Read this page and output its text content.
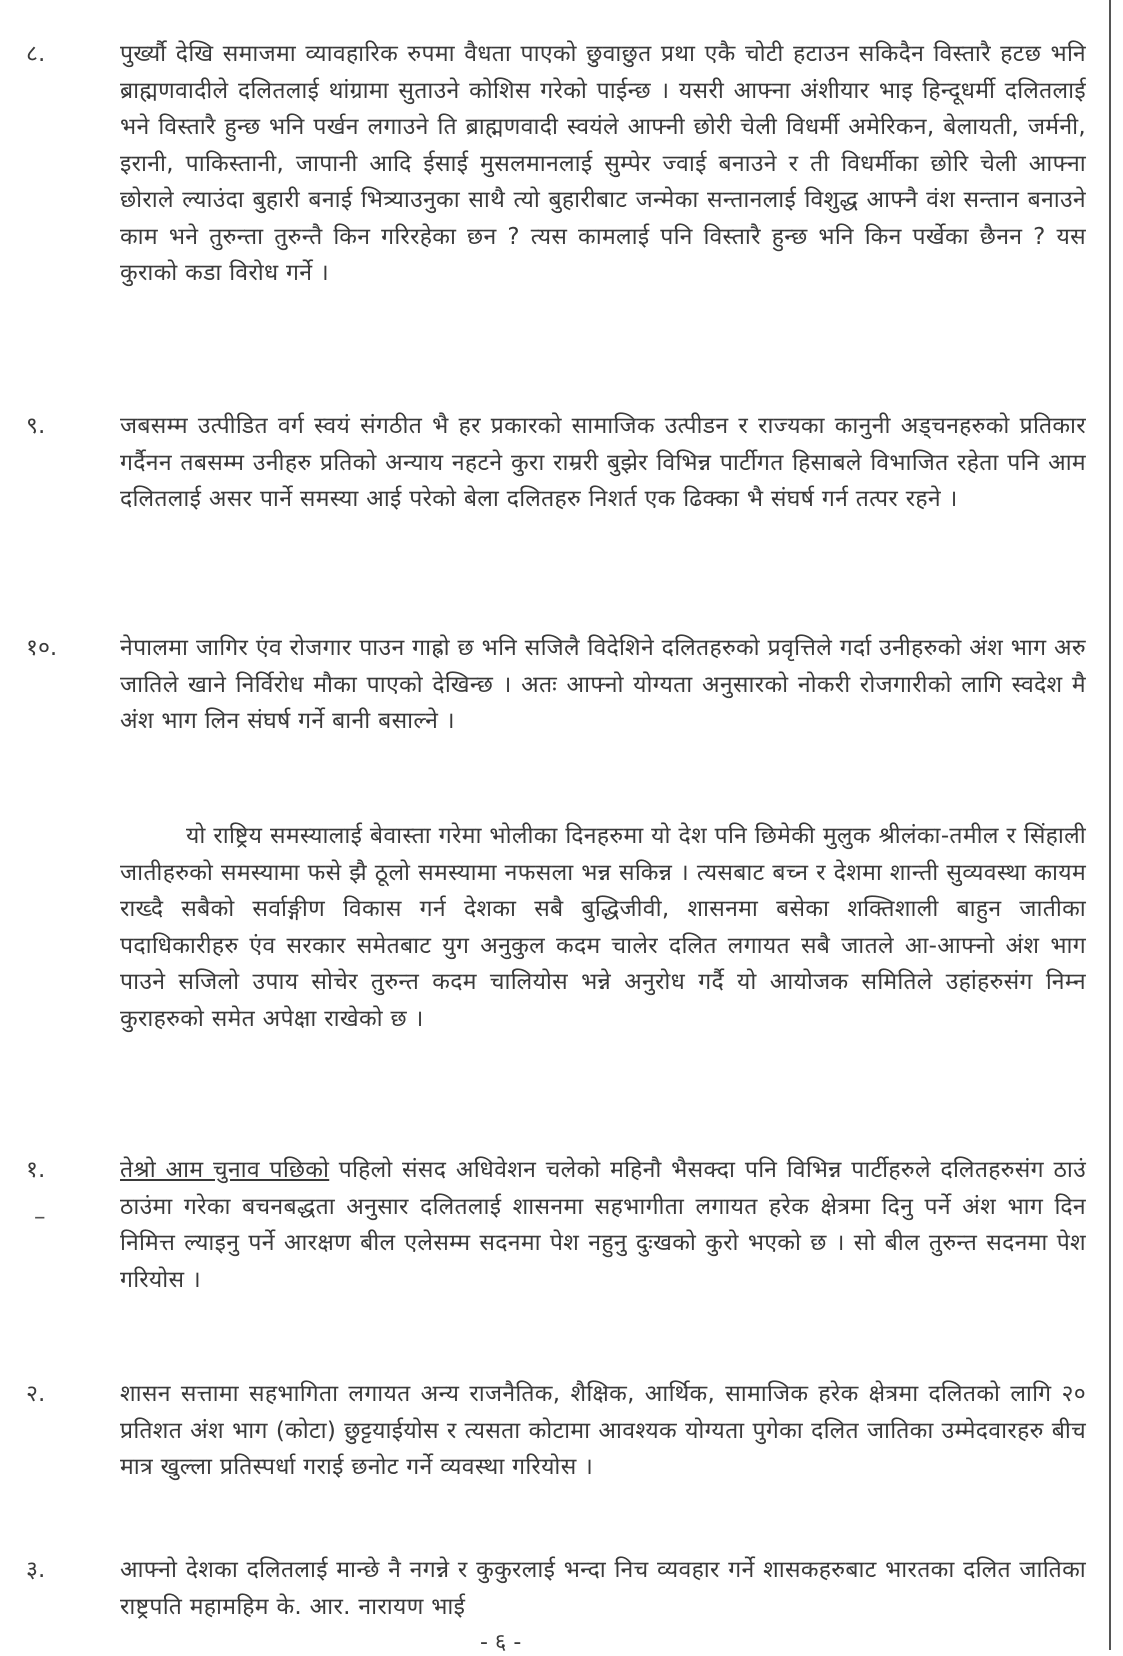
८.	पुर्ख्यौ देखि समाजमा व्यावहारिक रुपमा वैधता पाएको छुवाछुत प्रथा एकै चोटी हटाउन सकिदैन विस्तारै हटछ भनि ब्राह्मणवादीले दलितलाई थांग्रामा सुताउने कोशिस गरेको पाईन्छ । यसरी आफ्ना अंशीयार भाइ हिन्दूधर्मी दलितलाई भने विस्तारै हुन्छ भनि पर्खन लगाउने ति ब्राह्मणवादी स्वयंले आफ्नी छोरी चेली विधर्मी अमेरिकन, बेलायती, जर्मनी, इरानी, पाकिस्तानी, जापानी आदि ईसाई मुसलमानलाई सुम्पेर ज्वाई बनाउने र ती विधर्मीका छोरि चेली आफ्ना छोराले ल्याउंदा बुहारी बनाई भित्र्याउनुका साथै त्यो बुहारीबाट जन्मेका सन्तानलाई विशुद्ध आफ्नै वंश सन्तान बनाउने काम भने तुरुन्ता तुरुन्तै किन गरिरहेका छन ? त्यस कामलाई पनि विस्तारै हुन्छ भनि किन पर्खेका छैनन ? यस कुराको कडा विरोध गर्ने ।
९.	जबसम्म उत्पीडित वर्ग स्वयं संगठीत भै हर प्रकारको सामाजिक उत्पीडन र राज्यका कानुनी अड्चनहरुको प्रतिकार गर्दैनन तबसम्म उनीहरु प्रतिको अन्याय नहटने कुरा राम्ररी बुझेर विभिन्न पार्टीगत हिसाबले विभाजित रहेता पनि आम दलितलाई असर पार्ने समस्या आई परेको बेला दलितहरु निशर्त एक ढिक्का भै संघर्ष गर्न तत्पर रहने ।
१०.	नेपालमा जागिर एंव रोजगार पाउन गाह्रो छ भनि सजिलै विदेशिने दलितहरुको प्रवृत्तिले गर्दा उनीहरुको अंश भाग अरु जातिले खाने निर्विरोध मौका पाएको देखिन्छ । अतः आफ्नो योग्यता अनुसारको नोकरी रोजगारीको लागि स्वदेश मै अंश भाग लिन संघर्ष गर्ने बानी बसाल्ने ।
यो राष्ट्रिय समस्यालाई बेवास्ता गरेमा भोलीका दिनहरुमा यो देश पनि छिमेकी मुलुक श्रीलंका-तमील र सिंहाली जातीहरुको समस्यामा फसे झै ठूलो समस्यामा नफसला भन्न सकिन्न । त्यसबाट बच्न र देशमा शान्ती सुव्यवस्था कायम राख्दै सबैको सर्वाङ्गीण विकास गर्न देशका सबै बुद्धिजीवी, शासनमा बसेका शक्तिशाली बाहुन जातीका पदाधिकारीहरु एंव सरकार समेतबाट युग अनुकुल कदम चालेर दलित लगायत सबै जातले आ-आफ्नो अंश भाग पाउने सजिलो उपाय सोचेर तुरुन्त कदम चालियोस भन्ने अनुरोध गर्दै यो आयोजक समितिले उहांहरुसंग निम्न कुराहरुको समेत अपेक्षा राखेको छ ।
१.
–
तेश्रो आम चुनाव पछिको पहिलो संसद अधिवेशन चलेको महिनौ भैसक्दा पनि विभिन्न पार्टीहरुले दलितहरुसंग ठाउं ठाउंमा गरेका बचनबद्धता अनुसार दलितलाई शासनमा सहभागीता लगायत हरेक क्षेत्रमा दिनु पर्ने अंश भाग दिन निमित्त ल्याइनु पर्ने आरक्षण बील एलेसम्म सदनमा पेश नहुनु दुःखको कुरो भएको छ । सो बील तुरुन्त सदनमा पेश गरियोस ।
२.	शासन सत्तामा सहभागिता लगायत अन्य राजनैतिक, शैक्षिक, आर्थिक, सामाजिक हरेक क्षेत्रमा दलितको लागि २० प्रतिशत अंश भाग (कोटा) छुट्टयाईयोस र त्यसता कोटामा आवश्यक योग्यता पुगेका दलित जातिका उम्मेदवारहरु बीच मात्र खुल्ला प्रतिस्पर्धा गराई छनोट गर्ने व्यवस्था गरियोस ।
३.	आफ्नो देशका दलितलाई मान्छे नै नगन्ने र कुकुरलाई भन्दा निच व्यवहार गर्ने शासकहरुबाट भारतका दलित जातिका राष्ट्रपति महामहिम के. आर. नारायण भाई
- ६ -
